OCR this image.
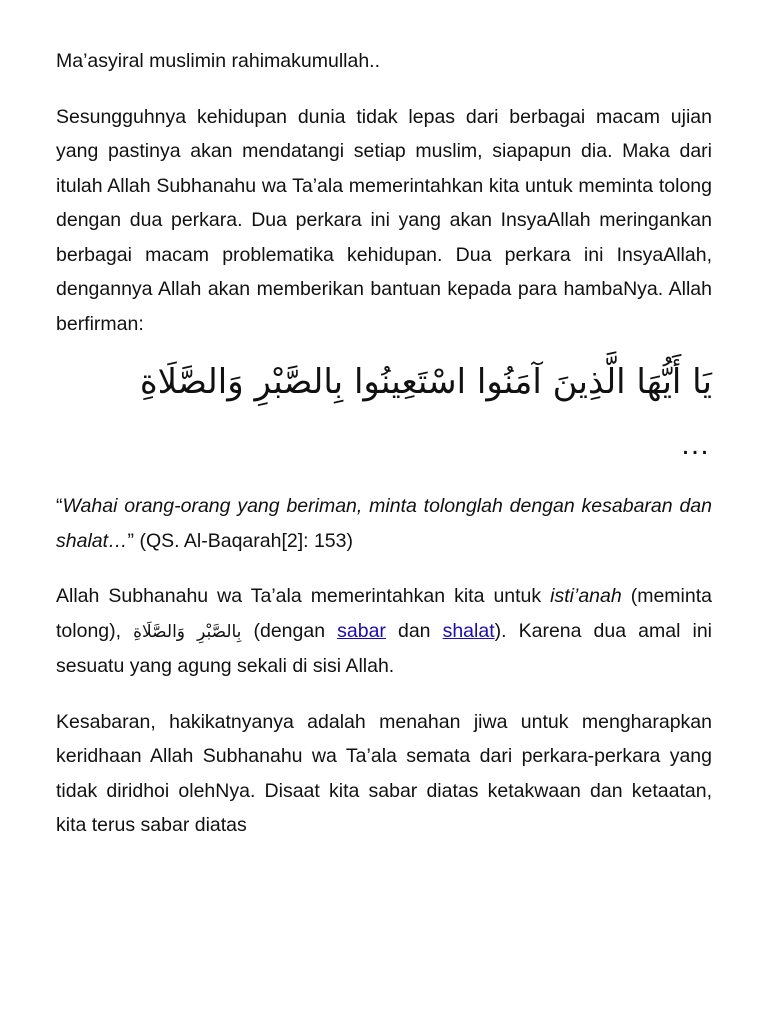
Ma’asyiral muslimin rahimakumullah..

Sesungguhnya kehidupan dunia tidak lepas dari berbagai macam ujian yang pastinya akan mendatangi setiap muslim, siapapun dia. Maka dari itulah Allah Subhanahu wa Ta’ala memerintahkan kita untuk meminta tolong dengan dua perkara. Dua perkara ini yang akan InsyaAllah meringankan berbagai macam problematika kehidupan. Dua perkara ini InsyaAllah, dengannya Allah akan memberikan bantuan kepada para hambaNya. Allah berfirman:

يَا أَيُّهَا الَّذِينَ آمَنُوا اسْتَعِينُوا بِالصَّبْرِ وَالصَّلَاةِ
…

“Wahai orang-orang yang beriman, minta tolonglah dengan kesabaran dan shalat…” (QS. Al-Baqarah[2]: 153)

Allah Subhanahu wa Ta’ala memerintahkan kita untuk isti’anah (meminta tolong), بِالصَّبْرِ وَالصَّلَاةِ (dengan sabar dan shalat). Karena dua amal ini sesuatu yang agung sekali di sisi Allah.

Kesabaran, hakikatnyanya adalah menahan jiwa untuk mengharapkan keridhaan Allah Subhanahu wa Ta’ala semata dari perkara-perkara yang tidak diridhoi olehNya. Disaat kita sabar diatas ketakwaan dan ketaatan, kita terus sabar diatas
